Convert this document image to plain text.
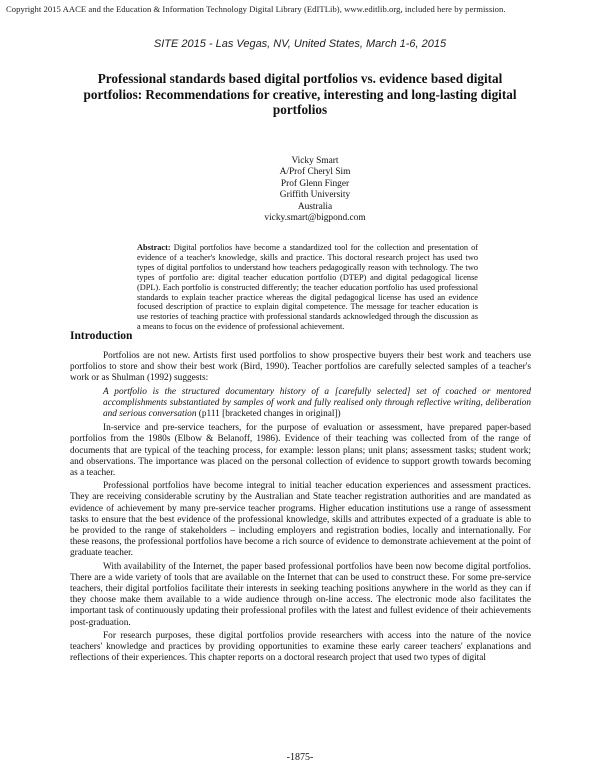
Copyright 2015 AACE and the Education & Information Technology Digital Library (EdITLib), www.editlib.org, included here by permission.
SITE 2015 - Las Vegas, NV, United States, March 1-6, 2015
Professional standards based digital portfolios vs. evidence based digital portfolios: Recommendations for creative, interesting and long-lasting digital portfolios
Vicky Smart
A/Prof Cheryl Sim
Prof Glenn Finger
Griffith University
Australia
vicky.smart@bigpond.com

Abstract: Digital portfolios have become a standardized tool for the collection and presentation of evidence of a teacher's knowledge, skills and practice. This doctoral research project has used two types of digital portfolios to understand how teachers pedagogically reason with technology. The two types of portfolio are: digital teacher education portfolio (DTEP) and digital pedagogical license (DPL). Each portfolio is constructed differently; the teacher education portfolio has used professional standards to explain teacher practice whereas the digital pedagogical license has used an evidence focused description of practice to explain digital competence. The message for teacher education is use restories of teaching practice with professional standards acknowledged through the discussion as a means to focus on the evidence of professional achievement.

Introduction

Portfolios are not new. Artists first used portfolios to show prospective buyers their best work and teachers use portfolios to store and show their best work (Bird, 1990). Teacher portfolios are carefully selected samples of a teacher's work or as Shulman (1992) suggests:

A portfolio is the structured documentary history of a [carefully selected] set of coached or mentored accomplishments substantiated by samples of work and fully realised only through reflective writing, deliberation and serious conversation (p111 [bracketed changes in original])

In-service and pre-service teachers, for the purpose of evaluation or assessment, have prepared paper-based portfolios from the 1980s (Elbow & Belanoff, 1986). Evidence of their teaching was collected from of the range of documents that are typical of the teaching process, for example: lesson plans; unit plans; assessment tasks; student work; and observations. The importance was placed on the personal collection of evidence to support growth towards becoming as a teacher.

Professional portfolios have become integral to initial teacher education experiences and assessment practices. They are receiving considerable scrutiny by the Australian and State teacher registration authorities and are mandated as evidence of achievement by many pre-service teacher programs. Higher education institutions use a range of assessment tasks to ensure that the best evidence of the professional knowledge, skills and attributes expected of a graduate is able to be provided to the range of stakeholders – including employers and registration bodies, locally and internationally. For these reasons, the professional portfolios have become a rich source of evidence to demonstrate achievement at the point of graduate teacher.

With availability of the Internet, the paper based professional portfolios have been now become digital portfolios. There are a wide variety of tools that are available on the Internet that can be used to construct these. For some pre-service teachers, their digital portfolios facilitate their interests in seeking teaching positions anywhere in the world as they can if they choose make them available to a wide audience through on-line access. The electronic mode also facilitates the important task of continuously updating their professional profiles with the latest and fullest evidence of their achievements post-graduation.

For research purposes, these digital portfolios provide researchers with access into the nature of the novice teachers' knowledge and practices by providing opportunities to examine these early career teachers' explanations and reflections of their experiences. This chapter reports on a doctoral research project that used two types of digital

-1875-
